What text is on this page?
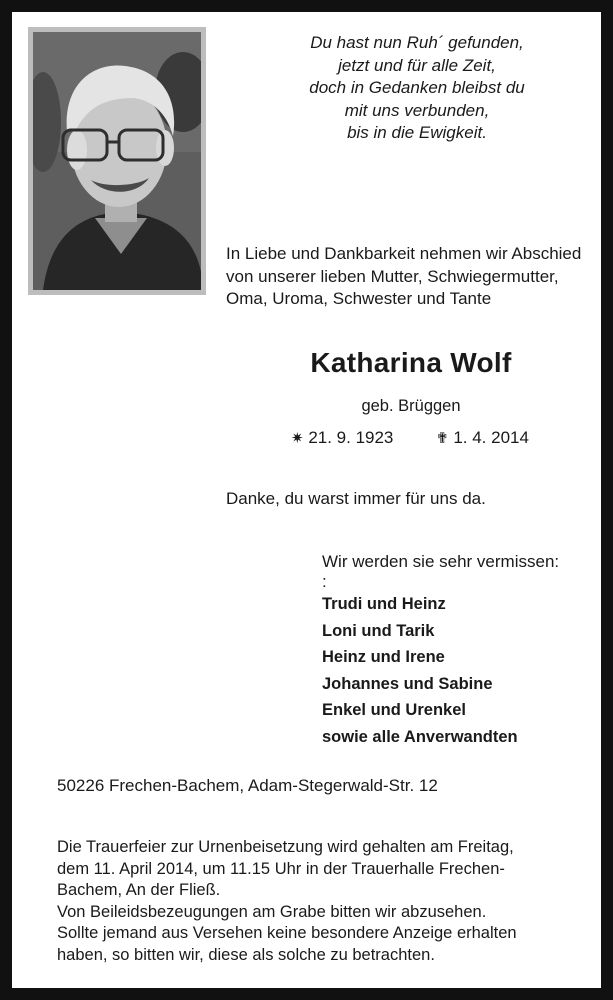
Du hast nun Ruh´ gefunden,
jetzt und für alle Zeit,
doch in Gedanken bleibst du
mit uns verbunden,
bis in die Ewigkeit.
In Liebe und Dankbarkeit nehmen wir Abschied
von unserer lieben Mutter, Schwiegermutter,
Oma, Uroma, Schwester und Tante
Katharina Wolf
geb. Brüggen
✷ 21. 9. 1923	✟ 1. 4. 2014
Danke, du warst immer für uns da.
Wir werden sie sehr vermissen:
:
Trudi und Heinz
Loni und Tarik
Heinz und Irene
Johannes und Sabine
Enkel und Urenkel
sowie alle Anverwandten
50226 Frechen-Bachem, Adam-Stegerwald-Str. 12
Die Trauerfeier zur Urnenbeisetzung wird gehalten am Freitag,
dem 11. April 2014, um 11.15 Uhr in der Trauerhalle Frechen-
Bachem, An der Fließ.
Von Beileidsbezeugungen am Grabe bitten wir abzusehen.
Sollte jemand aus Versehen keine besondere Anzeige erhalten
haben, so bitten wir, diese als solche zu betrachten.
